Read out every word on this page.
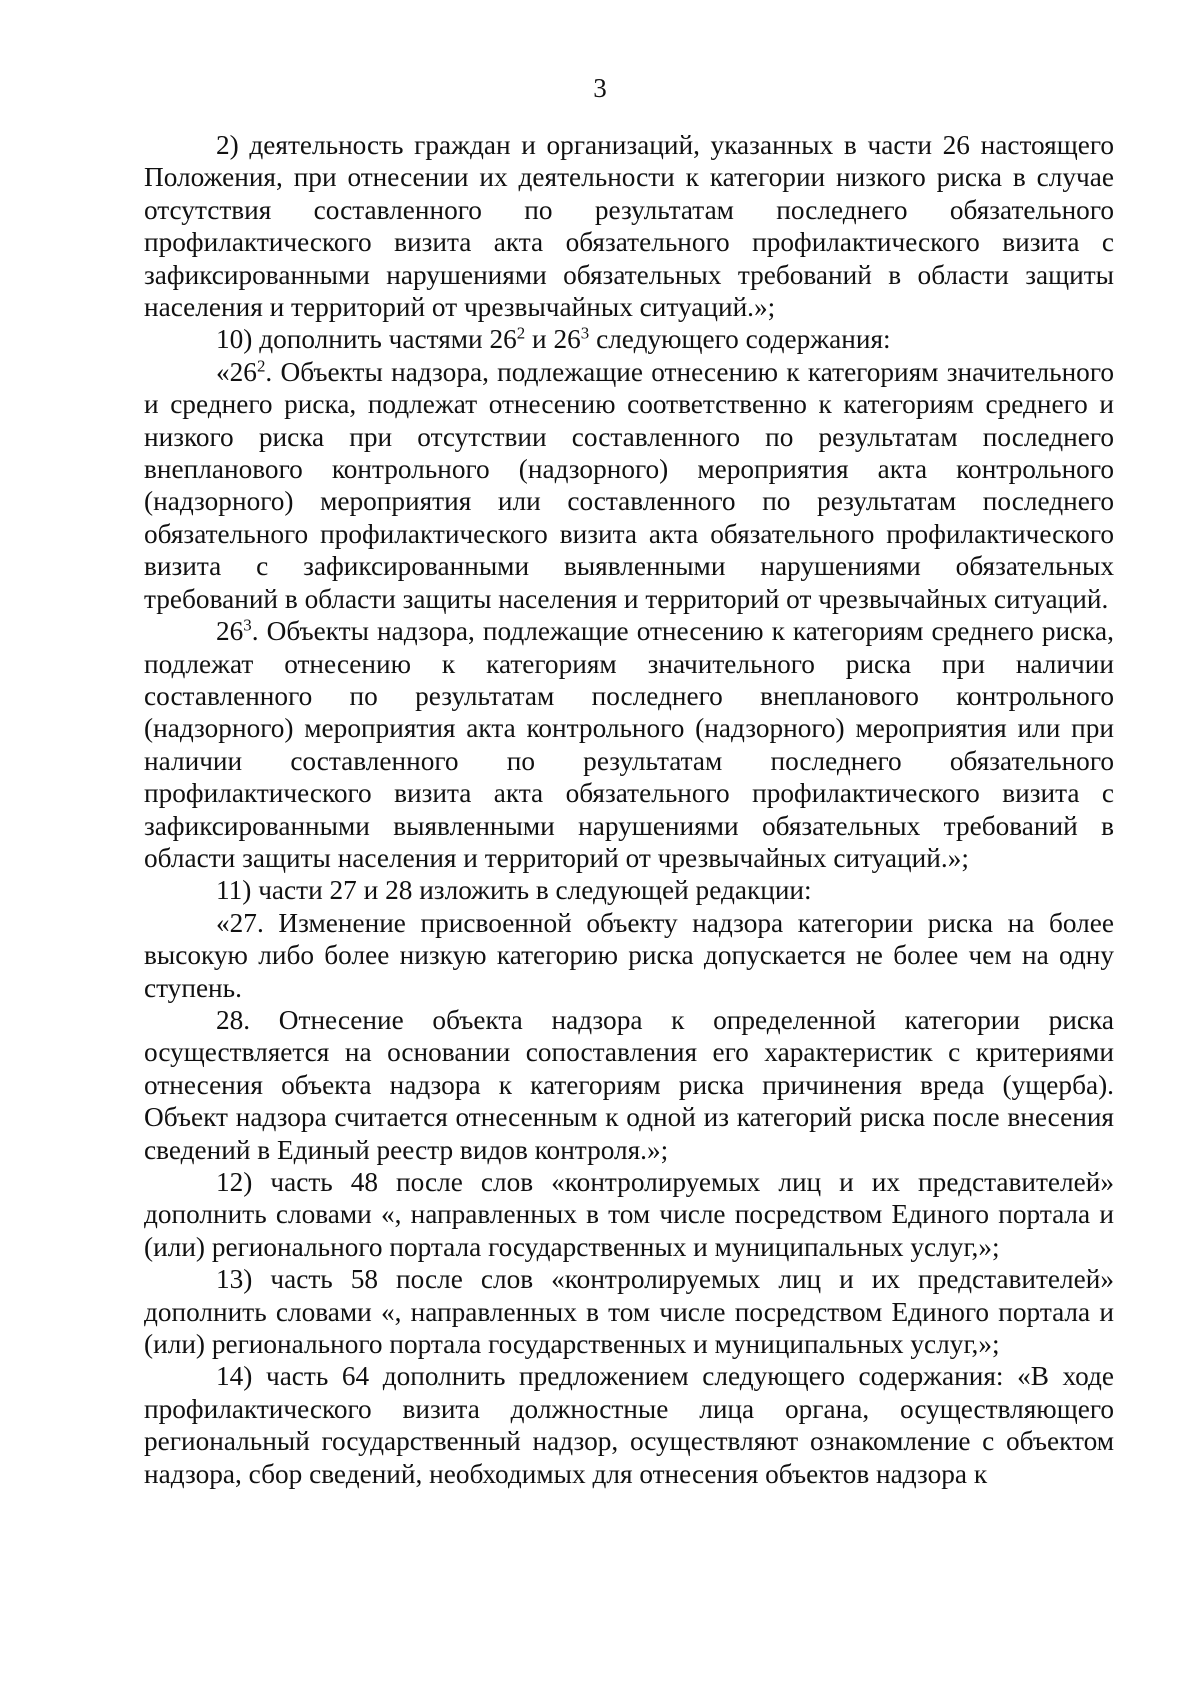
3

2) деятельность граждан и организаций, указанных в части 26 настоящего Положения, при отнесении их деятельности к категории низкого риска в случае отсутствия составленного по результатам последнего обязательного профилактического визита акта обязательного профилактического визита с зафиксированными нарушениями обязательных требований в области защиты населения и территорий от чрезвычайных ситуаций.»;

10) дополнить частями $26^2$ и $26^3$ следующего содержания:

«$26^2$. Объекты надзора, подлежащие отнесению к категориям значительного и среднего риска, подлежат отнесению соответственно к категориям среднего и низкого риска при отсутствии составленного по результатам последнего внепланового контрольного (надзорного) мероприятия акта контрольного (надзорного) мероприятия или составленного по результатам последнего обязательного профилактического визита акта обязательного профилактического визита с зафиксированными выявленными нарушениями обязательных требований в области защиты населения и территорий от чрезвычайных ситуаций.

$26^3$. Объекты надзора, подлежащие отнесению к категориям среднего риска, подлежат отнесению к категориям значительного риска при наличии составленного по результатам последнего внепланового контрольного (надзорного) мероприятия акта контрольного (надзорного) мероприятия или при наличии составленного по результатам последнего обязательного профилактического визита акта обязательного профилактического визита с зафиксированными выявленными нарушениями обязательных требований в области защиты населения и территорий от чрезвычайных ситуаций.»;

11) части 27 и 28 изложить в следующей редакции:

«27. Изменение присвоенной объекту надзора категории риска на более высокую либо более низкую категорию риска допускается не более чем на одну ступень.

28. Отнесение объекта надзора к определенной категории риска осуществляется на основании сопоставления его характеристик с критериями отнесения объекта надзора к категориям риска причинения вреда (ущерба). Объект надзора считается отнесенным к одной из категорий риска после внесения сведений в Единый реестр видов контроля.»;

12) часть 48 после слов «контролируемых лиц и их представителей» дополнить словами «, направленных в том числе посредством Единого портала и (или) регионального портала государственных и муниципальных услуг,»;

13) часть 58 после слов «контролируемых лиц и их представителей» дополнить словами «, направленных в том числе посредством Единого портала и (или) регионального портала государственных и муниципальных услуг,»;

14) часть 64 дополнить предложением следующего содержания: «В ходе профилактического визита должностные лица органа, осуществляющего региональный государственный надзор, осуществляют ознакомление с объектом надзора, сбор сведений, необходимых для отнесения объектов надзора к
